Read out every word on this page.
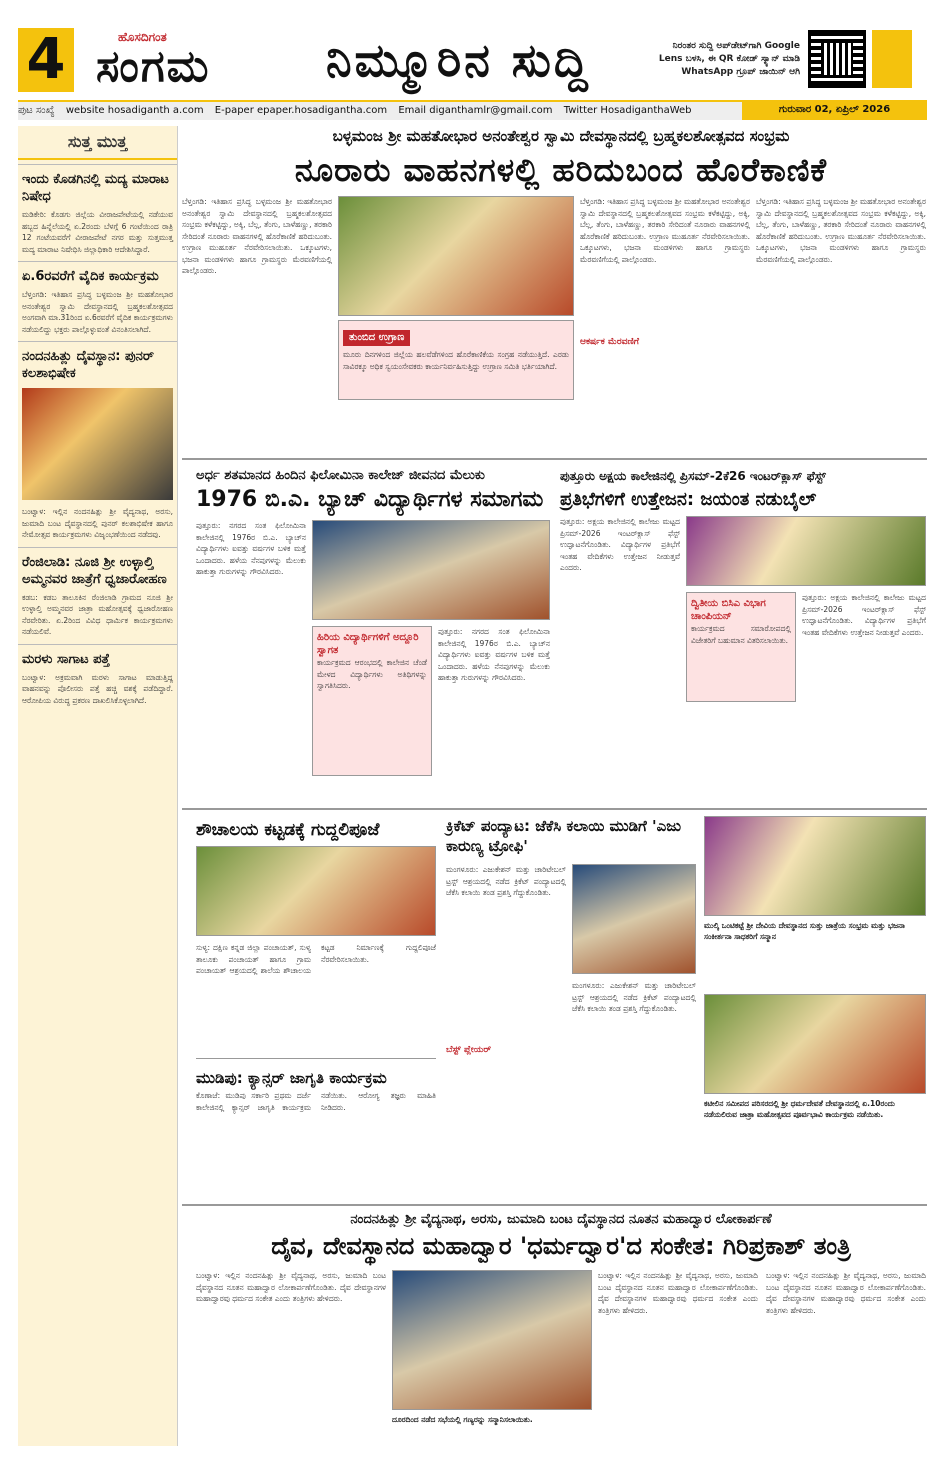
4	ಹೊಸದಿಗಂತ
ಸಂಗಮ	ನಿಮ್ಮೂರಿನ ಸುದ್ದಿ	ನಿರಂತರ ಸುದ್ದಿ ಅಪ್‌ಡೇಟ್‌ಗಾಗಿ Google Lens ಬಳಸಿ, ಈ QR ಕೋಡ್ ಸ್ಕ್ಯಾನ್ ಮಾಡಿ WhatsApp ಗ್ರೂಪ್ ಜಾಯಿನ್ ಆಗಿ
ಪುಟ ಸಂಖ್ಯೆ website hosadiganth a.com E-paper epaper.hosadigantha.com Email diganthamlr@gmail.com Twitter HosadiganthaWeb	ಗುರುವಾರ 02, ಏಪ್ರಿಲ್ 2026
ಸುತ್ತ ಮುತ್ತ
ಇಂದು ಕೊಡಗಿನಲ್ಲಿ ಮದ್ಯ ಮಾರಾಟ ನಿಷೇಧ
ಮಡಿಕೇರಿ: ಕೊಡಗು ಜಿಲ್ಲೆಯ ವೀರಾಜಪೇಟೆಯಲ್ಲಿ ನಡೆಯುವ ಹಬ್ಬದ ಹಿನ್ನೆಲೆಯಲ್ಲಿ ಏ.2ರಂದು ಬೆಳಗ್ಗೆ 6 ಗಂಟೆಯಿಂದ ರಾತ್ರಿ 12 ಗಂಟೆಯವರೆಗೆ ವೀರಾಜಪೇಟೆ ನಗರ ಮತ್ತು ಸುತ್ತಮುತ್ತ ಮದ್ಯ ಮಾರಾಟ ನಿಷೇಧಿಸಿ ಜಿಲ್ಲಾಧಿಕಾರಿ ಆದೇಶಿಸಿದ್ದಾರೆ.
ಏ.6ರವರೆಗೆ ವೈದಿಕ ಕಾರ್ಯಕ್ರಮ
ಬೆಳ್ತಂಗಡಿ: ಇತಿಹಾಸ ಪ್ರಸಿದ್ಧ ಬಳ್ಳಮಂಜ ಶ್ರೀ ಮಹತೋಭಾರ ಅನಂತೇಶ್ವರ ಸ್ವಾಮಿ ದೇವಸ್ಥಾನದಲ್ಲಿ ಬ್ರಹ್ಮಕಲಶೋತ್ಸವದ ಅಂಗವಾಗಿ ಮಾ.31ರಿಂದ ಏ.6ರವರೆಗೆ ವೈದಿಕ ಕಾರ್ಯಕ್ರಮಗಳು ನಡೆಯಲಿದ್ದು ಭಕ್ತರು ಪಾಲ್ಗೊಳ್ಳುವಂತೆ ವಿನಂತಿಸಲಾಗಿದೆ.
ನಂದನಹಿತ್ಲು ದೈವಸ್ಥಾನ: ಪುನರ್ ಕಲಶಾಭಿಷೇಕ
ಬಂಟ್ವಾಳ: ಇಲ್ಲಿನ ನಂದನಹಿತ್ಲು ಶ್ರೀ ವೈದ್ಯನಾಥ, ಅರಸು, ಜುಮಾದಿ ಬಂಟ ದೈವಸ್ಥಾನದಲ್ಲಿ ಪುನರ್ ಕಲಶಾಭಿಷೇಕ ಹಾಗೂ ನೇಮೋತ್ಸವ ಕಾರ್ಯಕ್ರಮಗಳು ವಿಜೃಂಭಣೆಯಿಂದ ನಡೆದವು.
ರೆಂಜಿಲಾಡಿ: ನೂಜಿ ಶ್ರೀ ಉಳ್ಳಾಲ್ತಿ ಅಮ್ಮನವರ ಜಾತ್ರೆಗೆ ಧ್ವಜಾರೋಹಣ
ಕಡಬ: ಕಡಬ ತಾಲೂಕಿನ ರೆಂಜಿಲಾಡಿ ಗ್ರಾಮದ ನೂಜಿ ಶ್ರೀ ಉಳ್ಳಾಲ್ತಿ ಅಮ್ಮನವರ ಜಾತ್ರಾ ಮಹೋತ್ಸವಕ್ಕೆ ಧ್ವಜಾರೋಹಣ ನೆರವೇರಿತು. ಏ.2ರಿಂದ ವಿವಿಧ ಧಾರ್ಮಿಕ ಕಾರ್ಯಕ್ರಮಗಳು ನಡೆಯಲಿವೆ.
ಮರಳು ಸಾಗಾಟ ಪತ್ತೆ
ಬಂಟ್ವಾಳ: ಅಕ್ರಮವಾಗಿ ಮರಳು ಸಾಗಾಟ ಮಾಡುತ್ತಿದ್ದ ವಾಹನವನ್ನು ಪೊಲೀಸರು ಪತ್ತೆ ಹಚ್ಚಿ ವಶಕ್ಕೆ ಪಡೆದಿದ್ದಾರೆ. ಆರೋಪಿಯ ವಿರುದ್ಧ ಪ್ರಕರಣ ದಾಖಲಿಸಿಕೊಳ್ಳಲಾಗಿದೆ.
ಬಳ್ಳಮಂಜ ಶ್ರೀ ಮಹತೋಭಾರ ಅನಂತೇಶ್ವರ ಸ್ವಾಮಿ ದೇವಸ್ಥಾನದಲ್ಲಿ ಬ್ರಹ್ಮಕಲಶೋತ್ಸವದ ಸಂಭ್ರಮ
ನೂರಾರು ವಾಹನಗಳಲ್ಲಿ ಹರಿದುಬಂದ ಹೊರೆಕಾಣಿಕೆ
ಬೆಳ್ತಂಗಡಿ: ಇತಿಹಾಸ ಪ್ರಸಿದ್ಧ ಬಳ್ಳಮಂಜ ಶ್ರೀ ಮಹತೋಭಾರ ಅನಂತೇಶ್ವರ ಸ್ವಾಮಿ ದೇವಸ್ಥಾನದಲ್ಲಿ ಬ್ರಹ್ಮಕಲಶೋತ್ಸವದ ಸಂಭ್ರಮ ಕಳೆಕಟ್ಟಿದ್ದು, ಅಕ್ಕಿ, ಬೆಲ್ಲ, ತೆಂಗು, ಬಾಳೆಹಣ್ಣು, ತರಕಾರಿ ಸೇರಿದಂತೆ ನೂರಾರು ವಾಹನಗಳಲ್ಲಿ ಹೊರೆಕಾಣಿಕೆ ಹರಿದುಬಂತು. ಉಗ್ರಾಣ ಮುಹೂರ್ತ ನೆರವೇರಿಸಲಾಯಿತು. ಒಕ್ಕೂಟಗಳು, ಭಜನಾ ಮಂಡಳಿಗಳು ಹಾಗೂ ಗ್ರಾಮಸ್ಥರು ಮೆರವಣಿಗೆಯಲ್ಲಿ ಪಾಲ್ಗೊಂಡರು.
ಬೆಳ್ತಂಗಡಿ: ಇತಿಹಾಸ ಪ್ರಸಿದ್ಧ ಬಳ್ಳಮಂಜ ಶ್ರೀ ಮಹತೋಭಾರ ಅನಂತೇಶ್ವರ ಸ್ವಾಮಿ ದೇವಸ್ಥಾನದಲ್ಲಿ ಬ್ರಹ್ಮಕಲಶೋತ್ಸವದ ಸಂಭ್ರಮ ಕಳೆಕಟ್ಟಿದ್ದು, ಅಕ್ಕಿ, ಬೆಲ್ಲ, ತೆಂಗು, ಬಾಳೆಹಣ್ಣು, ತರಕಾರಿ ಸೇರಿದಂತೆ ನೂರಾರು ವಾಹನಗಳಲ್ಲಿ ಹೊರೆಕಾಣಿಕೆ ಹರಿದುಬಂತು. ಉಗ್ರಾಣ ಮುಹೂರ್ತ ನೆರವೇರಿಸಲಾಯಿತು. ಒಕ್ಕೂಟಗಳು, ಭಜನಾ ಮಂಡಳಿಗಳು ಹಾಗೂ ಗ್ರಾಮಸ್ಥರು ಮೆರವಣಿಗೆಯಲ್ಲಿ ಪಾಲ್ಗೊಂಡರು.
ಆಕರ್ಷಕ ಮೆರವಣಿಗೆ
ಬೆಳ್ತಂಗಡಿ: ಇತಿಹಾಸ ಪ್ರಸಿದ್ಧ ಬಳ್ಳಮಂಜ ಶ್ರೀ ಮಹತೋಭಾರ ಅನಂತೇಶ್ವರ ಸ್ವಾಮಿ ದೇವಸ್ಥಾನದಲ್ಲಿ ಬ್ರಹ್ಮಕಲಶೋತ್ಸವದ ಸಂಭ್ರಮ ಕಳೆಕಟ್ಟಿದ್ದು, ಅಕ್ಕಿ, ಬೆಲ್ಲ, ತೆಂಗು, ಬಾಳೆಹಣ್ಣು, ತರಕಾರಿ ಸೇರಿದಂತೆ ನೂರಾರು ವಾಹನಗಳಲ್ಲಿ ಹೊರೆಕಾಣಿಕೆ ಹರಿದುಬಂತು. ಉಗ್ರಾಣ ಮುಹೂರ್ತ ನೆರವೇರಿಸಲಾಯಿತು. ಒಕ್ಕೂಟಗಳು, ಭಜನಾ ಮಂಡಳಿಗಳು ಹಾಗೂ ಗ್ರಾಮಸ್ಥರು ಮೆರವಣಿಗೆಯಲ್ಲಿ ಪಾಲ್ಗೊಂಡರು.
ತುಂಬಿದ ಉಗ್ರಾಣ
ಮೂರು ದಿನಗಳಿಂದ ಜಿಲ್ಲೆಯ ಹಲವೆಡೆಗಳಿಂದ ಹೊರೆಕಾಣಿಕೆಯ ಸಂಗ್ರಹ ನಡೆಯುತ್ತಿದೆ. ಎರಡು ಸಾವಿರಕ್ಕೂ ಅಧಿಕ ಸ್ವಯಂಸೇವಕರು ಕಾರ್ಯನಿರ್ವಹಿಸುತ್ತಿದ್ದು ಉಗ್ರಾಣ ಸಮಿತಿ ಭರ್ತಿಯಾಗಿದೆ.
ಅರ್ಧ ಶತಮಾನದ ಹಿಂದಿನ ಫಿಲೋಮಿನಾ ಕಾಲೇಜ್ ಜೀವನದ ಮೆಲುಕು
1976 ಬಿ.ಎ. ಬ್ಯಾಚ್ ವಿದ್ಯಾರ್ಥಿಗಳ ಸಮಾಗಮ
ಪುತ್ತೂರು: ನಗರದ ಸಂತ ಫಿಲೋಮಿನಾ ಕಾಲೇಜಿನಲ್ಲಿ 1976ರ ಬಿ.ಎ. ಬ್ಯಾಚ್‌ನ ವಿದ್ಯಾರ್ಥಿಗಳು ಐವತ್ತು ವರ್ಷಗಳ ಬಳಿಕ ಮತ್ತೆ ಒಂದಾದರು. ಹಳೆಯ ನೆನಪುಗಳನ್ನು ಮೆಲುಕು ಹಾಕುತ್ತಾ ಗುರುಗಳನ್ನು ಗೌರವಿಸಿದರು.
ಹಿರಿಯ ವಿದ್ಯಾರ್ಥಿಗಳಿಗೆ ಅದ್ದೂರಿ ಸ್ವಾಗತ
ಕಾರ್ಯಕ್ರಮದ ಆರಂಭದಲ್ಲಿ ಕಾಲೇಜಿನ ಚೆಂಡೆ ಮೇಳದ ವಿದ್ಯಾರ್ಥಿಗಳು ಅತಿಥಿಗಳನ್ನು ಸ್ವಾಗತಿಸಿದರು.
ಪುತ್ತೂರು: ನಗರದ ಸಂತ ಫಿಲೋಮಿನಾ ಕಾಲೇಜಿನಲ್ಲಿ 1976ರ ಬಿ.ಎ. ಬ್ಯಾಚ್‌ನ ವಿದ್ಯಾರ್ಥಿಗಳು ಐವತ್ತು ವರ್ಷಗಳ ಬಳಿಕ ಮತ್ತೆ ಒಂದಾದರು. ಹಳೆಯ ನೆನಪುಗಳನ್ನು ಮೆಲುಕು ಹಾಕುತ್ತಾ ಗುರುಗಳನ್ನು ಗೌರವಿಸಿದರು.
ಪುತ್ತೂರು ಅಕ್ಷಯ ಕಾಲೇಜಿನಲ್ಲಿ ಪ್ರಿಸಮ್-2ಕೆ26 ಇಂಟರ್‌ಕ್ಲಾಸ್ ಫೆಸ್ಟ್
ಪ್ರತಿಭೆಗಳಿಗೆ ಉತ್ತೇಜನ: ಜಯಂತ ನಡುಬೈಲ್
ಪುತ್ತೂರು: ಅಕ್ಷಯ ಕಾಲೇಜಿನಲ್ಲಿ ಕಾಲೇಜು ಮಟ್ಟದ ಪ್ರಿಸಮ್-2026 ಇಂಟರ್‌ಕ್ಲಾಸ್ ಫೆಸ್ಟ್ ಉದ್ಘಾಟನೆಗೊಂಡಿತು. ವಿದ್ಯಾರ್ಥಿಗಳ ಪ್ರತಿಭೆಗೆ ಇಂತಹ ವೇದಿಕೆಗಳು ಉತ್ತೇಜನ ನೀಡುತ್ತವೆ ಎಂದರು.
ದ್ವಿತೀಯ ಬಿಸಿಎ ವಿಭಾಗ ಚಾಂಪಿಯನ್
ಕಾರ್ಯಕ್ರಮದ ಸಮಾರೋಪದಲ್ಲಿ ವಿಜೇತರಿಗೆ ಬಹುಮಾನ ವಿತರಿಸಲಾಯಿತು.
ಪುತ್ತೂರು: ಅಕ್ಷಯ ಕಾಲೇಜಿನಲ್ಲಿ ಕಾಲೇಜು ಮಟ್ಟದ ಪ್ರಿಸಮ್-2026 ಇಂಟರ್‌ಕ್ಲಾಸ್ ಫೆಸ್ಟ್ ಉದ್ಘಾಟನೆಗೊಂಡಿತು. ವಿದ್ಯಾರ್ಥಿಗಳ ಪ್ರತಿಭೆಗೆ ಇಂತಹ ವೇದಿಕೆಗಳು ಉತ್ತೇಜನ ನೀಡುತ್ತವೆ ಎಂದರು.
ಶೌಚಾಲಯ ಕಟ್ಟಡಕ್ಕೆ ಗುದ್ದಲಿಪೂಜೆ
ಸುಳ್ಯ: ದಕ್ಷಿಣ ಕನ್ನಡ ಜಿಲ್ಲಾ ಪಂಚಾಯತ್, ಸುಳ್ಯ ತಾಲೂಕು ಪಂಚಾಯತ್ ಹಾಗೂ ಗ್ರಾಮ ಪಂಚಾಯತ್ ಆಶ್ರಯದಲ್ಲಿ ಶಾಲೆಯ ಶೌಚಾಲಯ ಕಟ್ಟಡ ನಿರ್ಮಾಣಕ್ಕೆ ಗುದ್ದಲಿಪೂಜೆ ನೆರವೇರಿಸಲಾಯಿತು.
ಮುಡಿಪು: ಕ್ಯಾನ್ಸರ್ ಜಾಗೃತಿ ಕಾರ್ಯಕ್ರಮ
ಕೊಣಾಜೆ: ಮುಡಿಪು ಸರ್ಕಾರಿ ಪ್ರಥಮ ದರ್ಜೆ ಕಾಲೇಜಿನಲ್ಲಿ ಕ್ಯಾನ್ಸರ್ ಜಾಗೃತಿ ಕಾರ್ಯಕ್ರಮ ನಡೆಯಿತು. ಆರೋಗ್ಯ ತಜ್ಞರು ಮಾಹಿತಿ ನೀಡಿದರು.
ಕ್ರಿಕೆಟ್ ಪಂದ್ಯಾಟ: ಜೆಕೆಸಿ ಕಲಾಯಿ ಮುಡಿಗೆ 'ಎಜು ಕಾರುಣ್ಯ ಟ್ರೋಫಿ'
ಮಂಗಳೂರು: ಎಜುಕೇಶನ್ ಮತ್ತು ಚಾರಿಟೇಬಲ್ ಟ್ರಸ್ಟ್ ಆಶ್ರಯದಲ್ಲಿ ನಡೆದ ಕ್ರಿಕೆಟ್ ಪಂದ್ಯಾಟದಲ್ಲಿ ಜೆಕೆಸಿ ಕಲಾಯಿ ತಂಡ ಪ್ರಶಸ್ತಿ ಗೆದ್ದುಕೊಂಡಿತು.
ಬೆಸ್ಟ್ ಪ್ಲೇಯರ್
ಮಂಗಳೂರು: ಎಜುಕೇಶನ್ ಮತ್ತು ಚಾರಿಟೇಬಲ್ ಟ್ರಸ್ಟ್ ಆಶ್ರಯದಲ್ಲಿ ನಡೆದ ಕ್ರಿಕೆಟ್ ಪಂದ್ಯಾಟದಲ್ಲಿ ಜೆಕೆಸಿ ಕಲಾಯಿ ತಂಡ ಪ್ರಶಸ್ತಿ ಗೆದ್ದುಕೊಂಡಿತು.
ಮುಲ್ಕಿ ಒಂಟಿಕಟ್ಟೆ ಶ್ರೀ ದೇವಿಯ ದೇವಸ್ಥಾನದ ಸುತ್ತು ಜಾತ್ರೆಯ ಸಂಭ್ರಮ ಮತ್ತು ಭಜನಾ ಸಂಕೀರ್ತನಾ ಸಾಧಕರಿಗೆ ಸನ್ಮಾನ
ಕಟೀಲಿನ ಸಮೀಪದ ಪರಿಸರದಲ್ಲಿ ಶ್ರೀ ಧರ್ಮದೇವತೆ ದೇವಸ್ಥಾನದಲ್ಲಿ ಏ.10ರಂದು ನಡೆಯಲಿರುವ ಜಾತ್ರಾ ಮಹೋತ್ಸವದ ಪೂರ್ವಭಾವಿ ಕಾರ್ಯಕ್ರಮ ನಡೆಯಿತು.
ನಂದನಹಿತ್ಲು ಶ್ರೀ ವೈದ್ಯನಾಥ, ಅರಸು, ಜುಮಾದಿ ಬಂಟ ದೈವಸ್ಥಾನದ ನೂತನ ಮಹಾದ್ವಾರ ಲೋಕಾರ್ಪಣೆ
ದೈವ, ದೇವಸ್ಥಾನದ ಮಹಾದ್ವಾರ 'ಧರ್ಮದ್ವಾರ'ದ ಸಂಕೇತ: ಗಿರಿಪ್ರಕಾಶ್ ತಂತ್ರಿ
ಬಂಟ್ವಾಳ: ಇಲ್ಲಿನ ನಂದನಹಿತ್ಲು ಶ್ರೀ ವೈದ್ಯನಾಥ, ಅರಸು, ಜುಮಾದಿ ಬಂಟ ದೈವಸ್ಥಾನದ ನೂತನ ಮಹಾದ್ವಾರ ಲೋಕಾರ್ಪಣೆಗೊಂಡಿತು. ದೈವ ದೇವಸ್ಥಾನಗಳ ಮಹಾದ್ವಾರವು ಧರ್ಮದ ಸಂಕೇತ ಎಂದು ತಂತ್ರಿಗಳು ಹೇಳಿದರು.
ದೂರದಿಂದ ನಡೆದ ಸಭೆಯಲ್ಲಿ ಗಣ್ಯರನ್ನು ಸನ್ಮಾನಿಸಲಾಯಿತು.
ಬಂಟ್ವಾಳ: ಇಲ್ಲಿನ ನಂದನಹಿತ್ಲು ಶ್ರೀ ವೈದ್ಯನಾಥ, ಅರಸು, ಜುಮಾದಿ ಬಂಟ ದೈವಸ್ಥಾನದ ನೂತನ ಮಹಾದ್ವಾರ ಲೋಕಾರ್ಪಣೆಗೊಂಡಿತು. ದೈವ ದೇವಸ್ಥಾನಗಳ ಮಹಾದ್ವಾರವು ಧರ್ಮದ ಸಂಕೇತ ಎಂದು ತಂತ್ರಿಗಳು ಹೇಳಿದರು.
ಬಂಟ್ವಾಳ: ಇಲ್ಲಿನ ನಂದನಹಿತ್ಲು ಶ್ರೀ ವೈದ್ಯನಾಥ, ಅರಸು, ಜುಮಾದಿ ಬಂಟ ದೈವಸ್ಥಾನದ ನೂತನ ಮಹಾದ್ವಾರ ಲೋಕಾರ್ಪಣೆಗೊಂಡಿತು. ದೈವ ದೇವಸ್ಥಾನಗಳ ಮಹಾದ್ವಾರವು ಧರ್ಮದ ಸಂಕೇತ ಎಂದು ತಂತ್ರಿಗಳು ಹೇಳಿದರು.
